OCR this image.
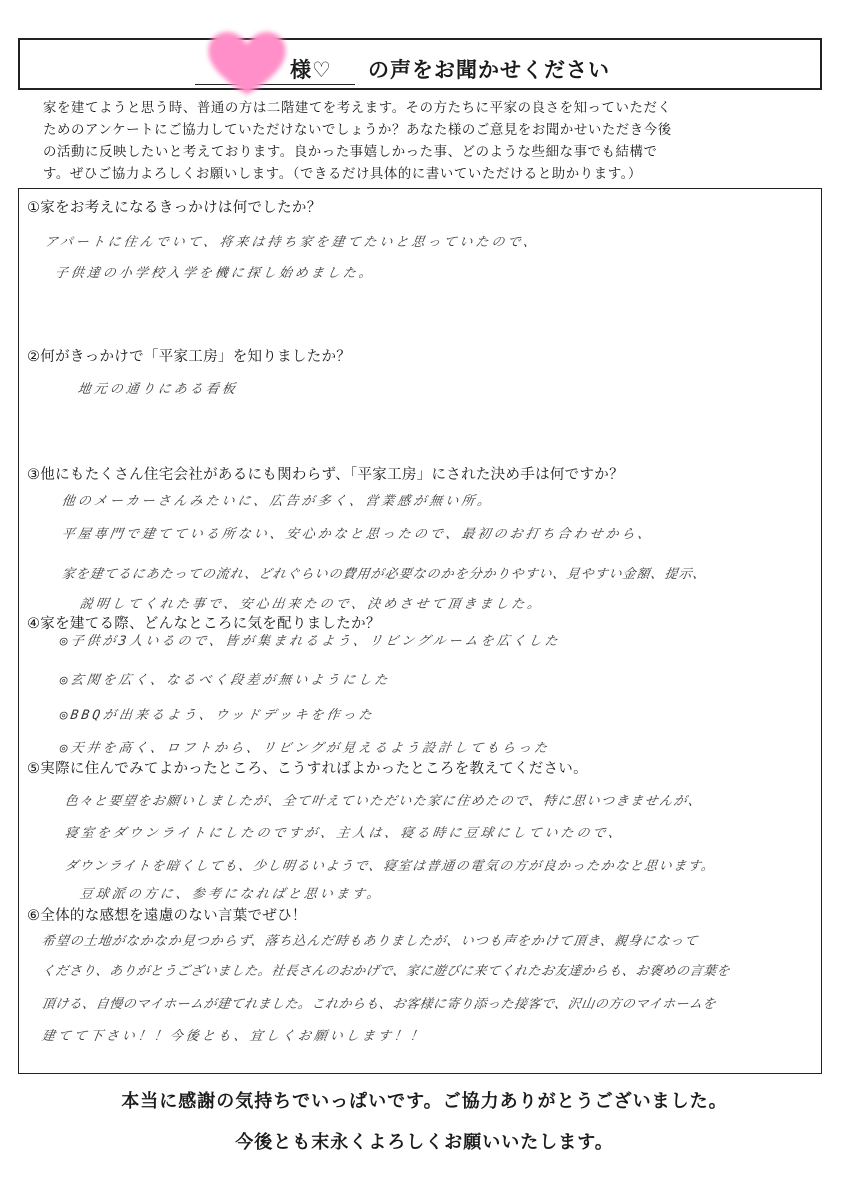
様♡ の声をお聞かせください
家を建てようと思う時、普通の方は二階建てを考えます。その方たちに平家の良さを知っていただく
ためのアンケートにご協力していただけないでしょうか？あなた様のご意見をお聞かせいただき今後
の活動に反映したいと考えております。良かった事嬉しかった事、どのような些細な事でも結構で
す。ぜひご協力よろしくお願いします。（できるだけ具体的に書いていただけると助かります。）
①家をお考えになるきっかけは何でしたか？
アパートに住んでいて、将来は持ち家を建てたいと思っていたので、
子供達の小学校入学を機に探し始めました。
②何がきっかけで「平家工房」を知りましたか？
地元の通りにある看板
③他にもたくさん住宅会社があるにも関わらず、「平家工房」にされた決め手は何ですか？
他のメーカーさんみたいに、広告が多く、営業感が無い所。
平屋専門で建てている所ない、安心かなと思ったので、最初のお打ち合わせから、
家を建てるにあたっての流れ、どれぐらいの費用が必要なのかを分かりやすい、見やすい金額、提示、
説明してくれた事で、安心出来たので、決めさせて頂きました。
④家を建てる際、どんなところに気を配りましたか？
◎子供が3人いるので、皆が集まれるよう、リビングルームを広くした
◎玄関を広く、なるべく段差が無いようにした
◎BBQが出来るよう、ウッドデッキを作った
◎天井を高く、ロフトから、リビングが見えるよう設計してもらった
⑤実際に住んでみてよかったところ、こうすればよかったところを教えてください。
色々と要望をお願いしましたが、全て叶えていただいた家に住めたので、特に思いつきませんが、
寝室をダウンライトにしたのですが、主人は、寝る時に豆球にしていたので、
ダウンライトを暗くしても、少し明るいようで、寝室は普通の電気の方が良かったかなと思います。
豆球派の方に、参考になればと思います。
⑥全体的な感想を遠慮のない言葉でぜひ！
希望の土地がなかなか見つからず、落ち込んだ時もありましたが、いつも声をかけて頂き、親身になって
くださり、ありがとうございました。社長さんのおかげで、家に遊びに来てくれたお友達からも、お褒めの言葉を
頂ける、自慢のマイホームが建てれました。これからも、お客様に寄り添った接客で、沢山の方のマイホームを
建てて下さい！！今後とも、宜しくお願いします！！
本当に感謝の気持ちでいっぱいです。ご協力ありがとうございました。
今後とも末永くよろしくお願いいたします。
